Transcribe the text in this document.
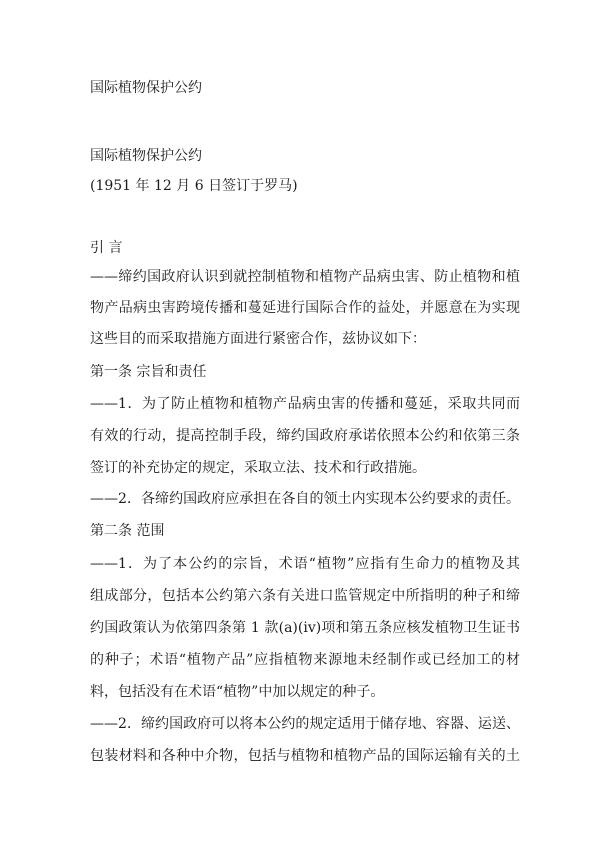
国际植物保护公约
国际植物保护公约
(1951 年 12 月 6 日签订于罗马)
引 言
——缔约国政府认识到就控制植物和植物产品病虫害、防止植物和植
物产品病虫害跨境传播和蔓延进行国际合作的益处，并愿意在为实现
这些目的而采取措施方面进行紧密合作，兹协议如下：
第一条 宗旨和责任
——1．为了防止植物和植物产品病虫害的传播和蔓延，采取共同而
有效的行动，提高控制手段，缔约国政府承诺依照本公约和依第三条
签订的补充协定的规定，采取立法、技术和行政措施。
——2．各缔约国政府应承担在各自的领土内实现本公约要求的责任。
第二条 范围
——1．为了本公约的宗旨，术语“植物”应指有生命力的植物及其
组成部分，包括本公约第六条有关进口监管规定中所指明的种子和缔
约国政策认为依第四条第 1 款(a)(iv)项和第五条应核发植物卫生证书
的种子；术语“植物产品”应指植物来源地未经制作或已经加工的材
料，包括没有在术语“植物”中加以规定的种子。
——2．缔约国政府可以将本公约的规定适用于储存地、容器、运送、
包装材料和各种中介物，包括与植物和植物产品的国际运输有关的土
